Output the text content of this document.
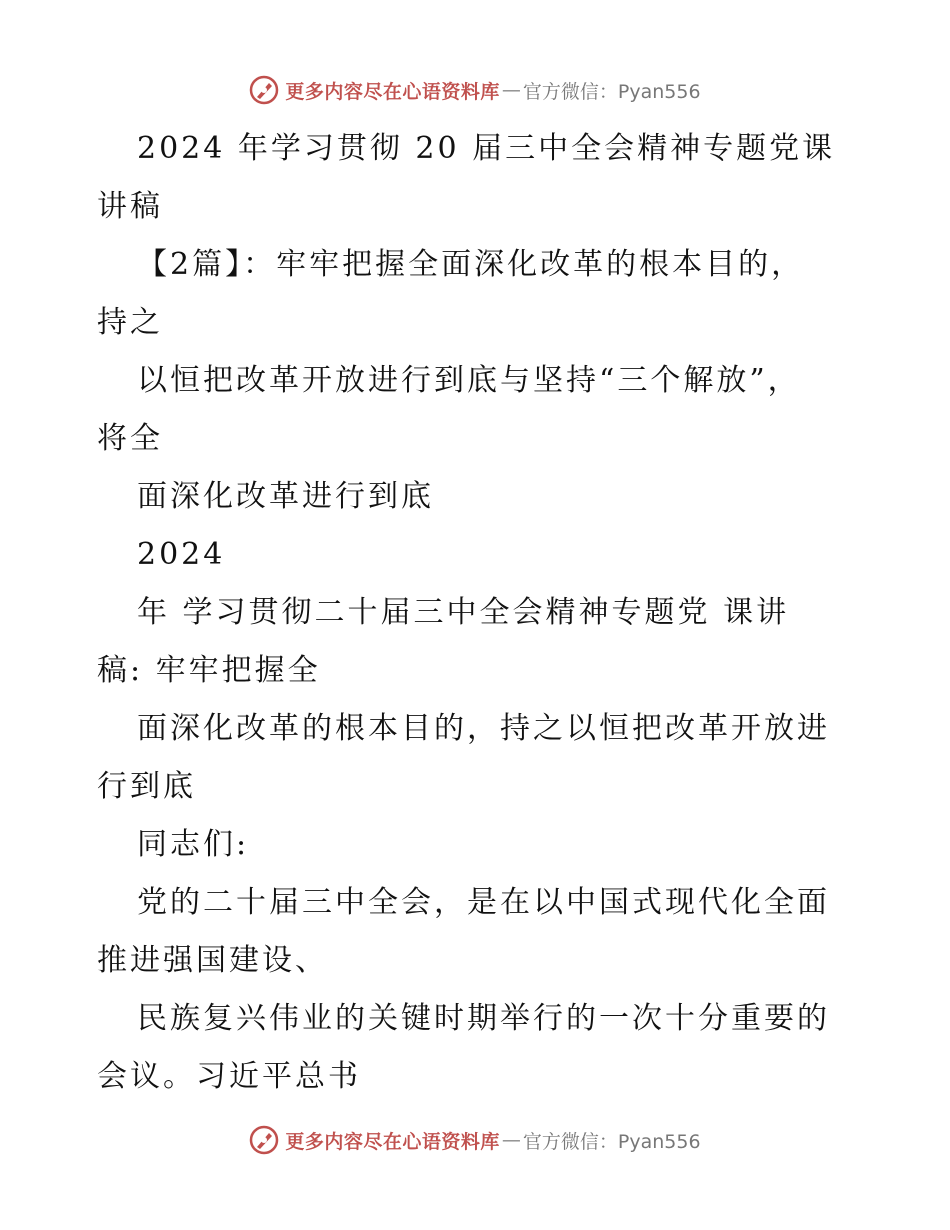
更多内容尽在心语资料库 — 官方微信：Pyan556
2024 年学习贯彻 20 届三中全会精神专题党课
讲稿
【2篇】：牢牢把握全面深化改革的根本目的，
持之
以恒把改革开放进行到底与坚持“三个解放”，
将全
面深化改革进行到底
2024
年 学习贯彻二十届三中全会精神专题党 课讲
稿: 牢牢把握全
面深化改革的根本目的，持之以恒把改革开放进
行到底
同志们:
党的二十届三中全会，是在以中国式现代化全面
推进强国建设、
民族复兴伟业的关键时期举行的一次十分重要的
会议。习近平总书
更多内容尽在心语资料库 — 官方微信：Pyan556
